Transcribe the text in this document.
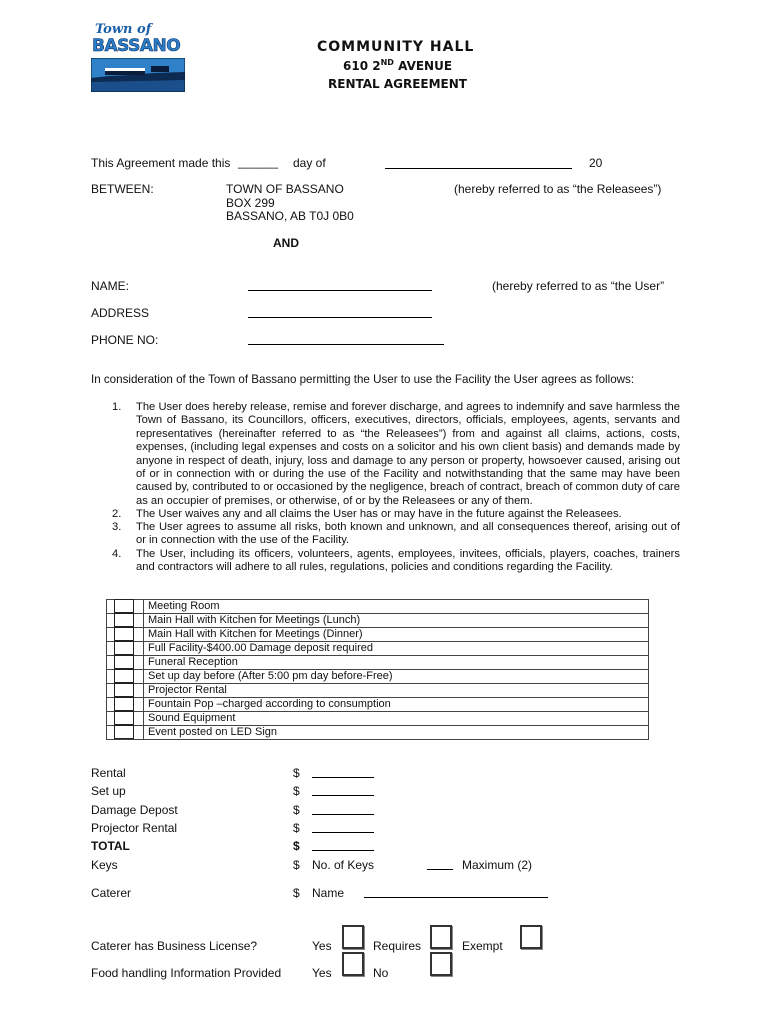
Town of
BASSANO	COMMUNITY HALL
610 2ND AVENUE
RENTAL AGREEMENT
This Agreement made this ______ day of	20
BETWEEN:	TOWN OF BASSANO
BOX 299
BASSANO, AB T0J 0B0
(hereby referred to as “the Releasees”)
AND
NAME:	(hereby referred to as “the User”
ADDRESS
PHONE NO:
In consideration of the Town of Bassano permitting the User to use the Facility the User agrees as follows:
1. The User does hereby release, remise and forever discharge, and agrees to indemnify and save harmless the Town of Bassano, its Councillors, officers, executives, directors, officials, employees, agents, servants and representatives (hereinafter referred to as “the Releasees”) from and against all claims, actions, costs, expenses, (including legal expenses and costs on a solicitor and his own client basis) and demands made by anyone in respect of death, injury, loss and damage to any person or property, howsoever caused, arising out of or in connection with or during the use of the Facility and notwithstanding that the same may have been caused by, contributed to or occasioned by the negligence, breach of contract, breach of common duty of care as an occupier of premises, or otherwise, of or by the Releasees or any of them.
2. The User waives any and all claims the User has or may have in the future against the Releasees.
3. The User agrees to assume all risks, both known and unknown, and all consequences thereof, arising out of or in connection with the use of the Facility.
4. The User, including its officers, volunteers, agents, employees, invitees, officials, players, coaches, trainers and contractors will adhere to all rules, regulations, policies and conditions regarding the Facility.
	Meeting Room

	Main Hall with Kitchen for Meetings (Lunch)

	Main Hall with Kitchen for Meetings (Dinner)

	Full Facility-$400.00 Damage deposit required

	Funeral Reception

	Set up day before (After 5:00 pm day before-Free)

	Projector Rental

	Fountain Pop –charged according to consumption

	Sound Equipment

	Event posted on LED Sign
Rental	$
Set up	$
Damage Depost	$
Projector Rental	$
TOTAL	$
Keys	$ No. of Keys	Maximum (2)
Caterer	$ Name
Caterer has Business License?	Yes	Requires	Exempt
Food handling Information Provided	Yes	No
